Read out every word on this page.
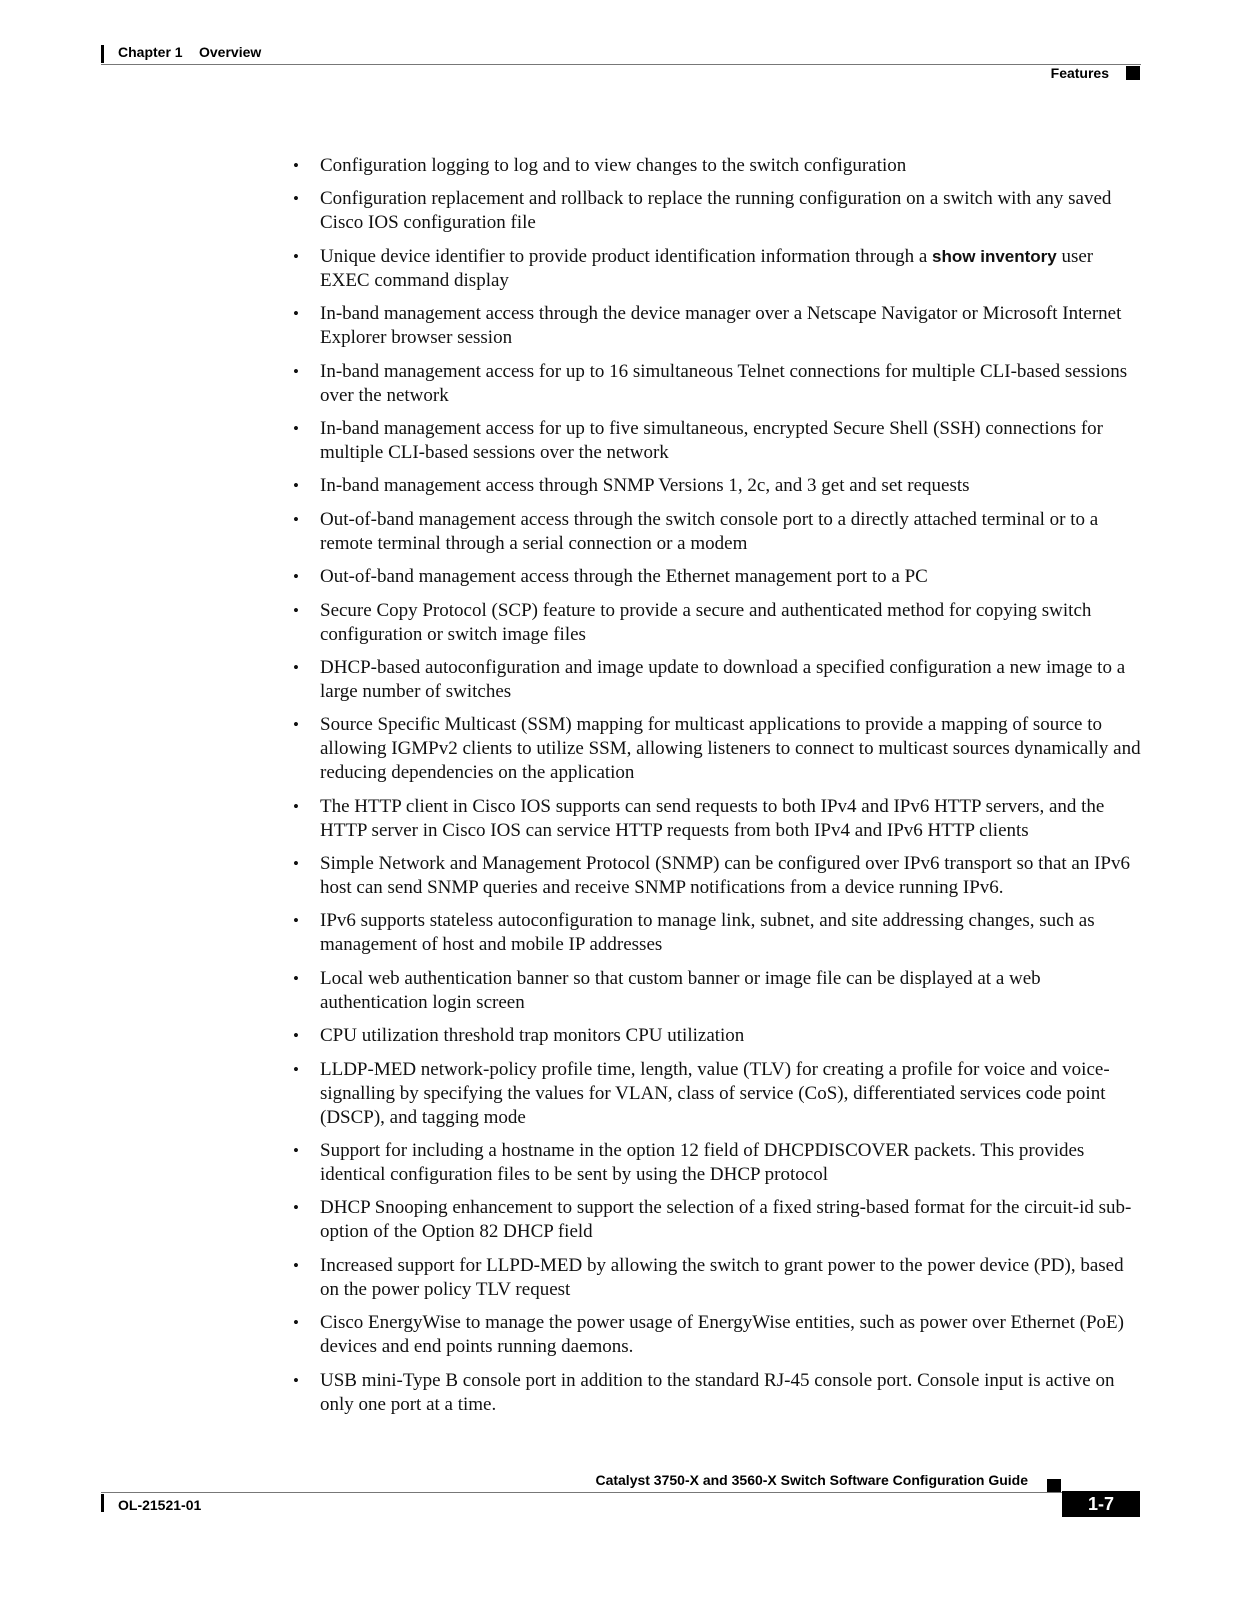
Chapter 1 Overview
Features
• Configuration logging to log and to view changes to the switch configuration
• Configuration replacement and rollback to replace the running configuration on a switch with any saved Cisco IOS configuration file
• Unique device identifier to provide product identification information through a show inventory user EXEC command display
• In-band management access through the device manager over a Netscape Navigator or Microsoft Internet Explorer browser session
• In-band management access for up to 16 simultaneous Telnet connections for multiple CLI-based sessions over the network
• In-band management access for up to five simultaneous, encrypted Secure Shell (SSH) connections for multiple CLI-based sessions over the network
• In-band management access through SNMP Versions 1, 2c, and 3 get and set requests
• Out-of-band management access through the switch console port to a directly attached terminal or to a remote terminal through a serial connection or a modem
• Out-of-band management access through the Ethernet management port to a PC
• Secure Copy Protocol (SCP) feature to provide a secure and authenticated method for copying switch configuration or switch image files
• DHCP-based autoconfiguration and image update to download a specified configuration a new image to a large number of switches
• Source Specific Multicast (SSM) mapping for multicast applications to provide a mapping of source to allowing IGMPv2 clients to utilize SSM, allowing listeners to connect to multicast sources dynamically and reducing dependencies on the application
• The HTTP client in Cisco IOS supports can send requests to both IPv4 and IPv6 HTTP servers, and the HTTP server in Cisco IOS can service HTTP requests from both IPv4 and IPv6 HTTP clients
• Simple Network and Management Protocol (SNMP) can be configured over IPv6 transport so that an IPv6 host can send SNMP queries and receive SNMP notifications from a device running IPv6.
• IPv6 supports stateless autoconfiguration to manage link, subnet, and site addressing changes, such as management of host and mobile IP addresses
• Local web authentication banner so that custom banner or image file can be displayed at a web authentication login screen
• CPU utilization threshold trap monitors CPU utilization
• LLDP-MED network-policy profile time, length, value (TLV) for creating a profile for voice and voice-signalling by specifying the values for VLAN, class of service (CoS), differentiated services code point (DSCP), and tagging mode
• Support for including a hostname in the option 12 field of DHCPDISCOVER packets. This provides identical configuration files to be sent by using the DHCP protocol
• DHCP Snooping enhancement to support the selection of a fixed string-based format for the circuit-id sub-option of the Option 82 DHCP field
• Increased support for LLPD-MED by allowing the switch to grant power to the power device (PD), based on the power policy TLV request
• Cisco EnergyWise to manage the power usage of EnergyWise entities, such as power over Ethernet (PoE) devices and end points running daemons.
• USB mini-Type B console port in addition to the standard RJ-45 console port. Console input is active on only one port at a time.
Catalyst 3750-X and 3560-X Switch Software Configuration Guide
OL-21521-01	1-7
